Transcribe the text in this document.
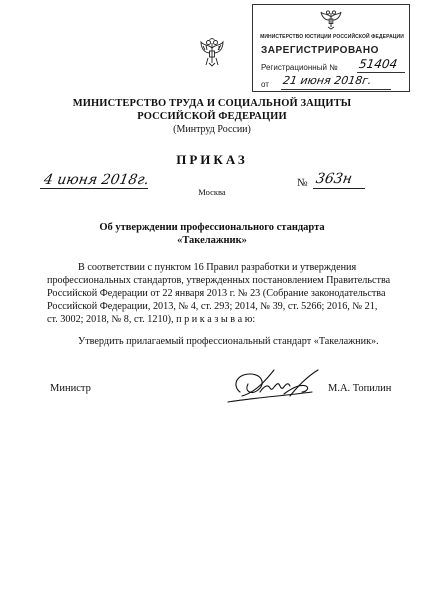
МИНИСТЕРСТВО ЮСТИЦИИ РОССИЙСКОЙ ФЕДЕРАЦИИ
ЗАРЕГИСТРИРОВАНО
Регистрационный № 51404
от 21 июня 2018г.
МИНИСТЕРСТВО ТРУДА И СОЦИАЛЬНОЙ ЗАЩИТЫ
РОССИЙСКОЙ ФЕДЕРАЦИИ
(Минтруд России)
ПРИКАЗ
4 июня 2018г.	№ 363н
Москва
Об утверждении профессионального стандарта
«Такелажник»
В соответствии с пунктом 16 Правил разработки и утверждения
профессиональных стандартов, утвержденных постановлением Правительства
Российской Федерации от 22 января 2013 г. № 23 (Собрание законодательства
Российской Федерации, 2013, № 4, ст. 293; 2014, № 39, ст. 5266; 2016, № 21,
ст. 3002; 2018, № 8, ст. 1210), п р и к а з ы в а ю:
Утвердить прилагаемый профессиональный стандарт «Такелажник».
Министр	М.А. Топилин
